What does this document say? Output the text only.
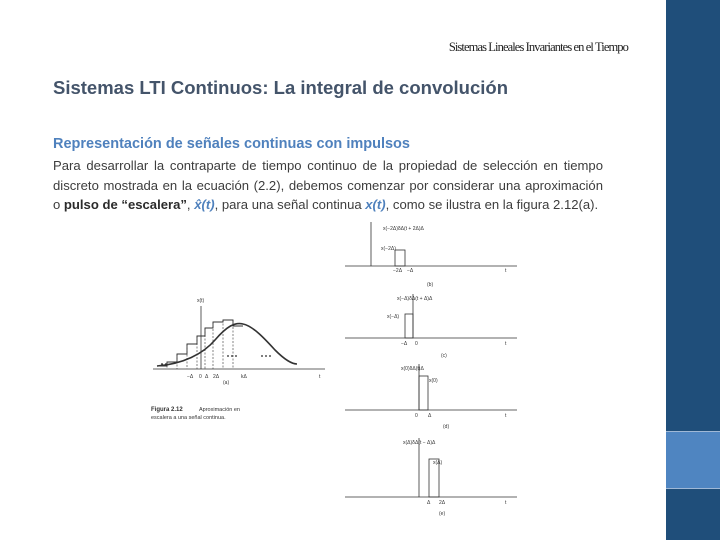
Sistemas Lineales Invariantes en el Tiempo
Sistemas LTI Continuos: La integral de convolución
Representación de señales continuas con impulsos
Para desarrollar la contraparte de tiempo continuo de la propiedad de selección en tiempo discreto mostrada en la ecuación (2.2), debemos comenzar por considerar una aproximación o pulso de “escalera”, x̂(t), para una señal continua x(t), como se ilustra en la figura 2.12(a).
x(t)
−Δ 0 Δ 2Δ	kΔ	t
(a)
Figura 2.12	Aproximación en
escalera a una señal continua.
x(−2Δ)δΔ(t + 2Δ)Δ
x(−2Δ)
−2Δ −Δ	t
(b)
x(−Δ)δΔ(t + Δ)Δ
x(−Δ)
−Δ 0	t
(c)
x(0)δΔ(t)Δ
x(0)
0 Δ	t
(d)
x(Δ)δΔ(t − Δ)Δ
x(Δ)
Δ 2Δ	t
(e)
